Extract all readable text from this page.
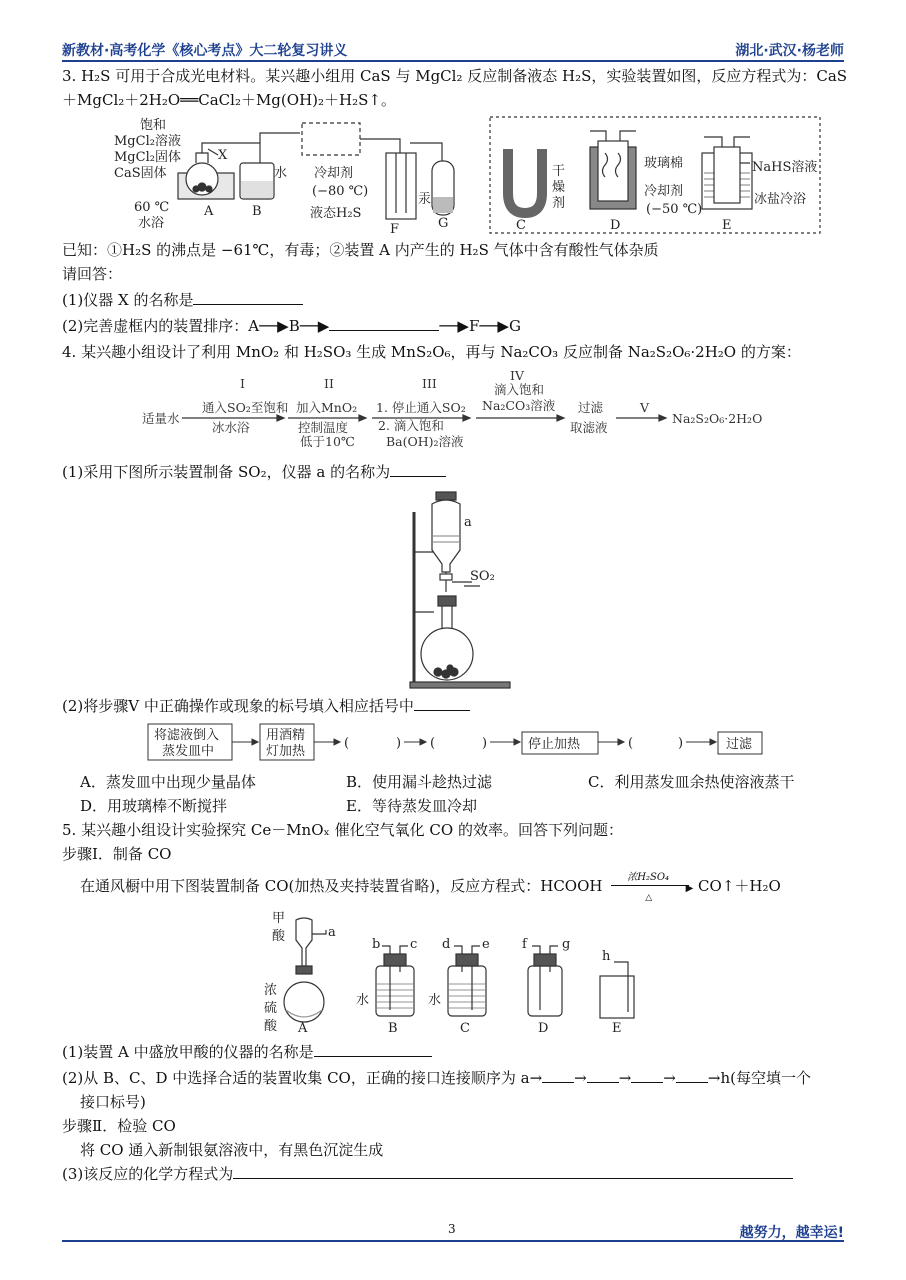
新教材·高考化学《核心考点》大二轮复习讲义	湖北·武汉·杨老师
3. H₂S 可用于合成光电材料。某兴趣小组用 CaS 与 MgCl₂ 反应制备液态 H₂S，实验装置如图，反应方程式为：CaS
＋MgCl₂＋2H₂O══CaCl₂＋Mg(OH)₂＋H₂S↑。
饱和
MgCl₂溶液
MgCl₂固体
CaS固体
60 ℃
水浴
X
水
A	B
冷却剂
(−80 ℃)
液态H₂S
汞
F	G
干
燥
剂
C
玻璃棉
冷却剂
(−50 ℃)
D
NaHS溶液
冰盐冷浴
E
已知：①H₂S 的沸点是 −61℃，有毒；②装置 A 内产生的 H₂S 气体中含有酸性气体杂质
请回答：
(1)仪器 X 的名称是
(2)完善虚框内的装置排序：A──▶B──▶	──▶F──▶G
4. 某兴趣小组设计了利用 MnO₂ 和 H₂SO₃ 生成 MnS₂O₆，再与 Na₂CO₃ 反应制备 Na₂S₂O₆·2H₂O 的方案：
适量水
I
通入SO₂至饱和
冰水浴
II
加入MnO₂
控制温度
低于10℃
III
1. 停止通入SO₂
2. 滴入饱和
Ba(OH)₂溶液
IV
滴入饱和
Na₂CO₃溶液 过滤
取滤液
V
Na₂S₂O₆·2H₂O
(1)采用下图所示装置制备 SO₂，仪器 a 的名称为
a
SO₂
(2)将步骤V 中正确操作或现象的标号填入相应括号中
将滤液倒入
蒸发皿中
用酒精
灯加热	停止加热	过滤
(	) (	)	(	)
A．蒸发皿中出现少量晶体	B．使用漏斗趁热过滤	C．利用蒸发皿余热使溶液蒸干
D．用玻璃棒不断搅拌	E．等待蒸发皿冷却
5. 某兴趣小组设计实验探究 Ce－MnOₓ 催化空气氧化 CO 的效率。回答下列问题：
步骤Ⅰ．制备 CO
在通风橱中用下图装置制备 CO(加热及夹持装置省略)，反应方程式：HCOOH 浓H₂SO₄
▶
△
CO↑＋H₂O
甲
酸	a
浓
硫
酸 A
b c
水
B
d e
水
C
f	g
D
h
E
(1)装置 A 中盛放甲酸的仪器的名称是
(2)从 B、C、D 中选择合适的装置收集 CO，正确的接口连接顺序为 a→ → → → →h(每空填一个
接口标号)
步骤Ⅱ．检验 CO
将 CO 通入新制银氨溶液中，有黑色沉淀生成
(3)该反应的化学方程式为
3	越努力，越幸运!
